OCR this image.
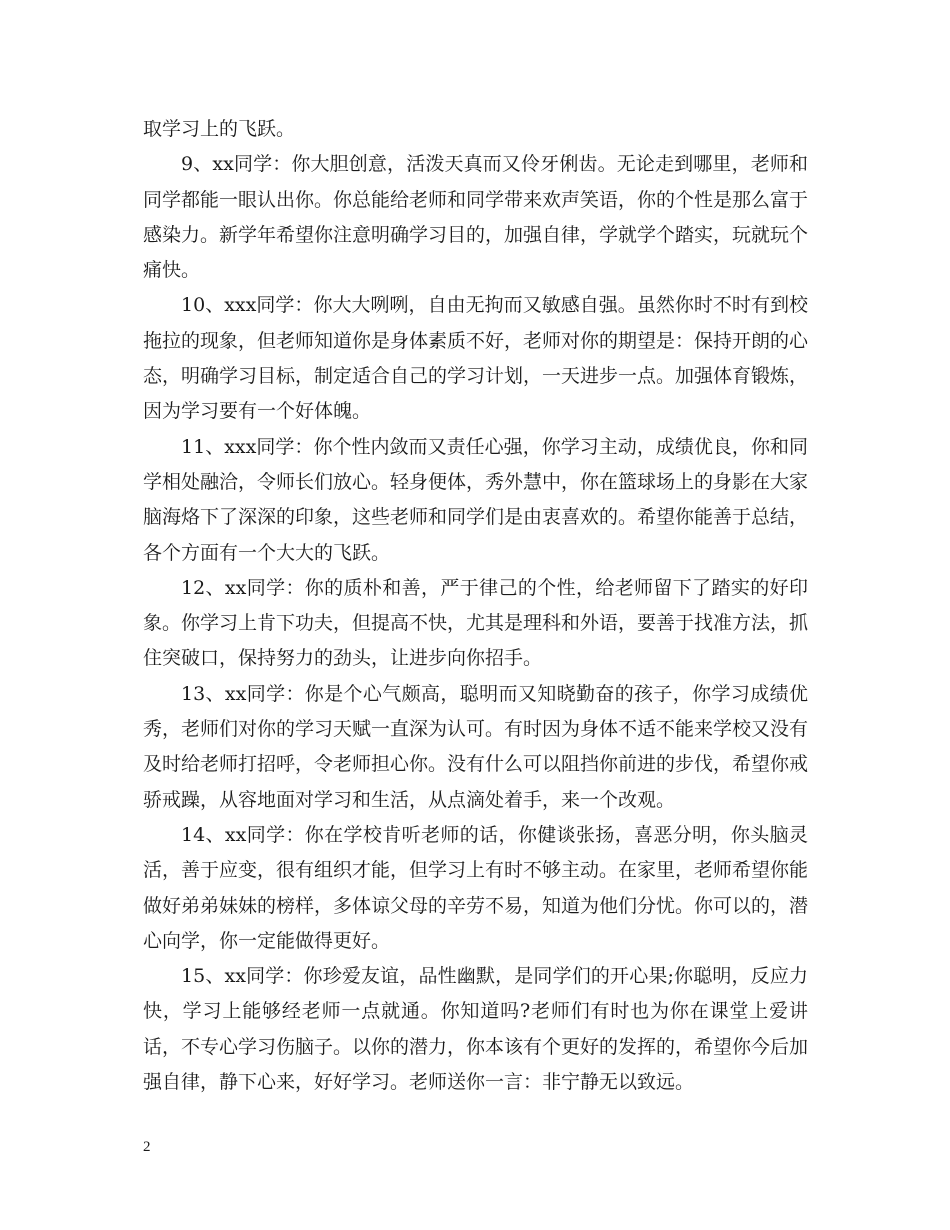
取学习上的飞跃。

9、xx同学：你大胆创意，活泼天真而又伶牙俐齿。无论走到哪里，老师和同学都能一眼认出你。你总能给老师和同学带来欢声笑语，你的个性是那么富于感染力。新学年希望你注意明确学习目的，加强自律，学就学个踏实，玩就玩个痛快。

10、xxx同学：你大大咧咧，自由无拘而又敏感自强。虽然你时不时有到校拖拉的现象，但老师知道你是身体素质不好，老师对你的期望是：保持开朗的心态，明确学习目标，制定适合自己的学习计划，一天进步一点。加强体育锻炼，因为学习要有一个好体魄。

11、xxx同学：你个性内敛而又责任心强，你学习主动，成绩优良，你和同学相处融洽，令师长们放心。轻身便体，秀外慧中，你在篮球场上的身影在大家脑海烙下了深深的印象，这些老师和同学们是由衷喜欢的。希望你能善于总结，各个方面有一个大大的飞跃。

12、xx同学：你的质朴和善，严于律己的个性，给老师留下了踏实的好印象。你学习上肯下功夫，但提高不快，尤其是理科和外语，要善于找准方法，抓住突破口，保持努力的劲头，让进步向你招手。

13、xx同学：你是个心气颇高，聪明而又知晓勤奋的孩子，你学习成绩优秀，老师们对你的学习天赋一直深为认可。有时因为身体不适不能来学校又没有及时给老师打招呼，令老师担心你。没有什么可以阻挡你前进的步伐，希望你戒骄戒躁，从容地面对学习和生活，从点滴处着手，来一个改观。

14、xx同学：你在学校肯听老师的话，你健谈张扬，喜恶分明，你头脑灵活，善于应变，很有组织才能，但学习上有时不够主动。在家里，老师希望你能做好弟弟妹妹的榜样，多体谅父母的辛劳不易，知道为他们分忧。你可以的，潜心向学，你一定能做得更好。

15、xx同学：你珍爱友谊，品性幽默，是同学们的开心果;你聪明，反应力快，学习上能够经老师一点就通。你知道吗?老师们有时也为你在课堂上爱讲话，不专心学习伤脑子。以你的潜力，你本该有个更好的发挥的，希望你今后加强自律，静下心来，好好学习。老师送你一言：非宁静无以致远。

2
